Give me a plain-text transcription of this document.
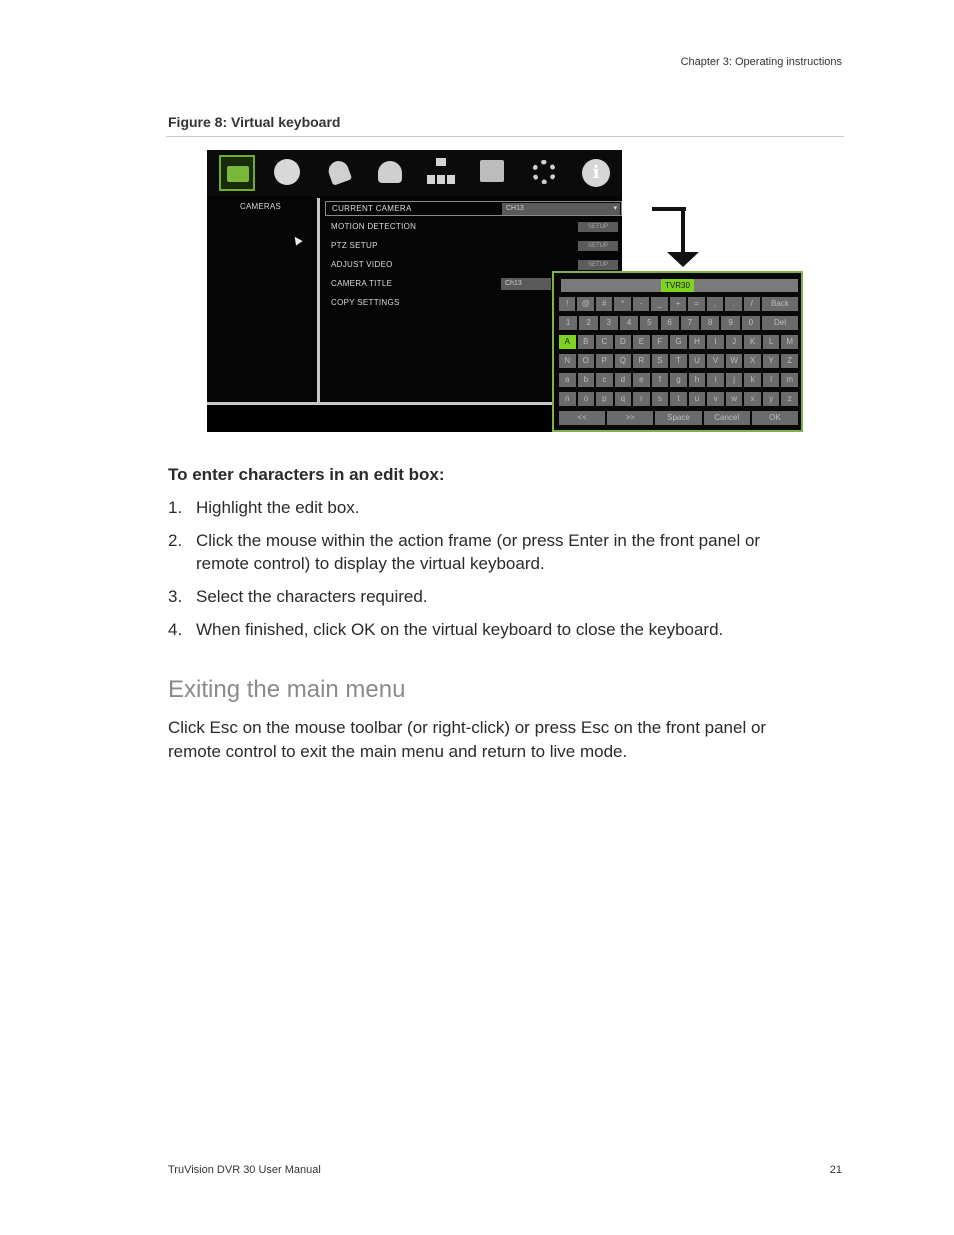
Chapter 3: Operating instructions
Figure 8: Virtual keyboard
i
CAMERAS	CURRENT CAMERA	CH13	▾
MOTION DETECTION	SETUP
PTZ SETUP	SETUP
ADJUST VIDEO	SETUP
CAMERA TITLE	Ch13
COPY SETTINGS
TVR30
!	@	#	*	-	_	+	=	,	.	/	Back
1	2	3	4	5	6	7	8	9	0	Del
A	B	C	D	E	F	G	H	I	J	K	L	M
N	O	P	Q	R	S	T	U	V	W	X	Y	Z
a	b	c	d	e	f	g	h	i	j	k	l	m
n	o	p	q	r	s	t	u	v	w	x	y	z
<<	>>	Space	Cancel	OK
To enter characters in an edit box:
1. Highlight the edit box.
2. Click the mouse within the action frame (or press Enter in the front panel or remote control) to display the virtual keyboard.
3. Select the characters required.
4. When finished, click OK on the virtual keyboard to close the keyboard.
Exiting the main menu

Click Esc on the mouse toolbar (or right-click) or press Esc on the front panel or remote control to exit the main menu and return to live mode.

TruVision DVR 30 User Manual	21
